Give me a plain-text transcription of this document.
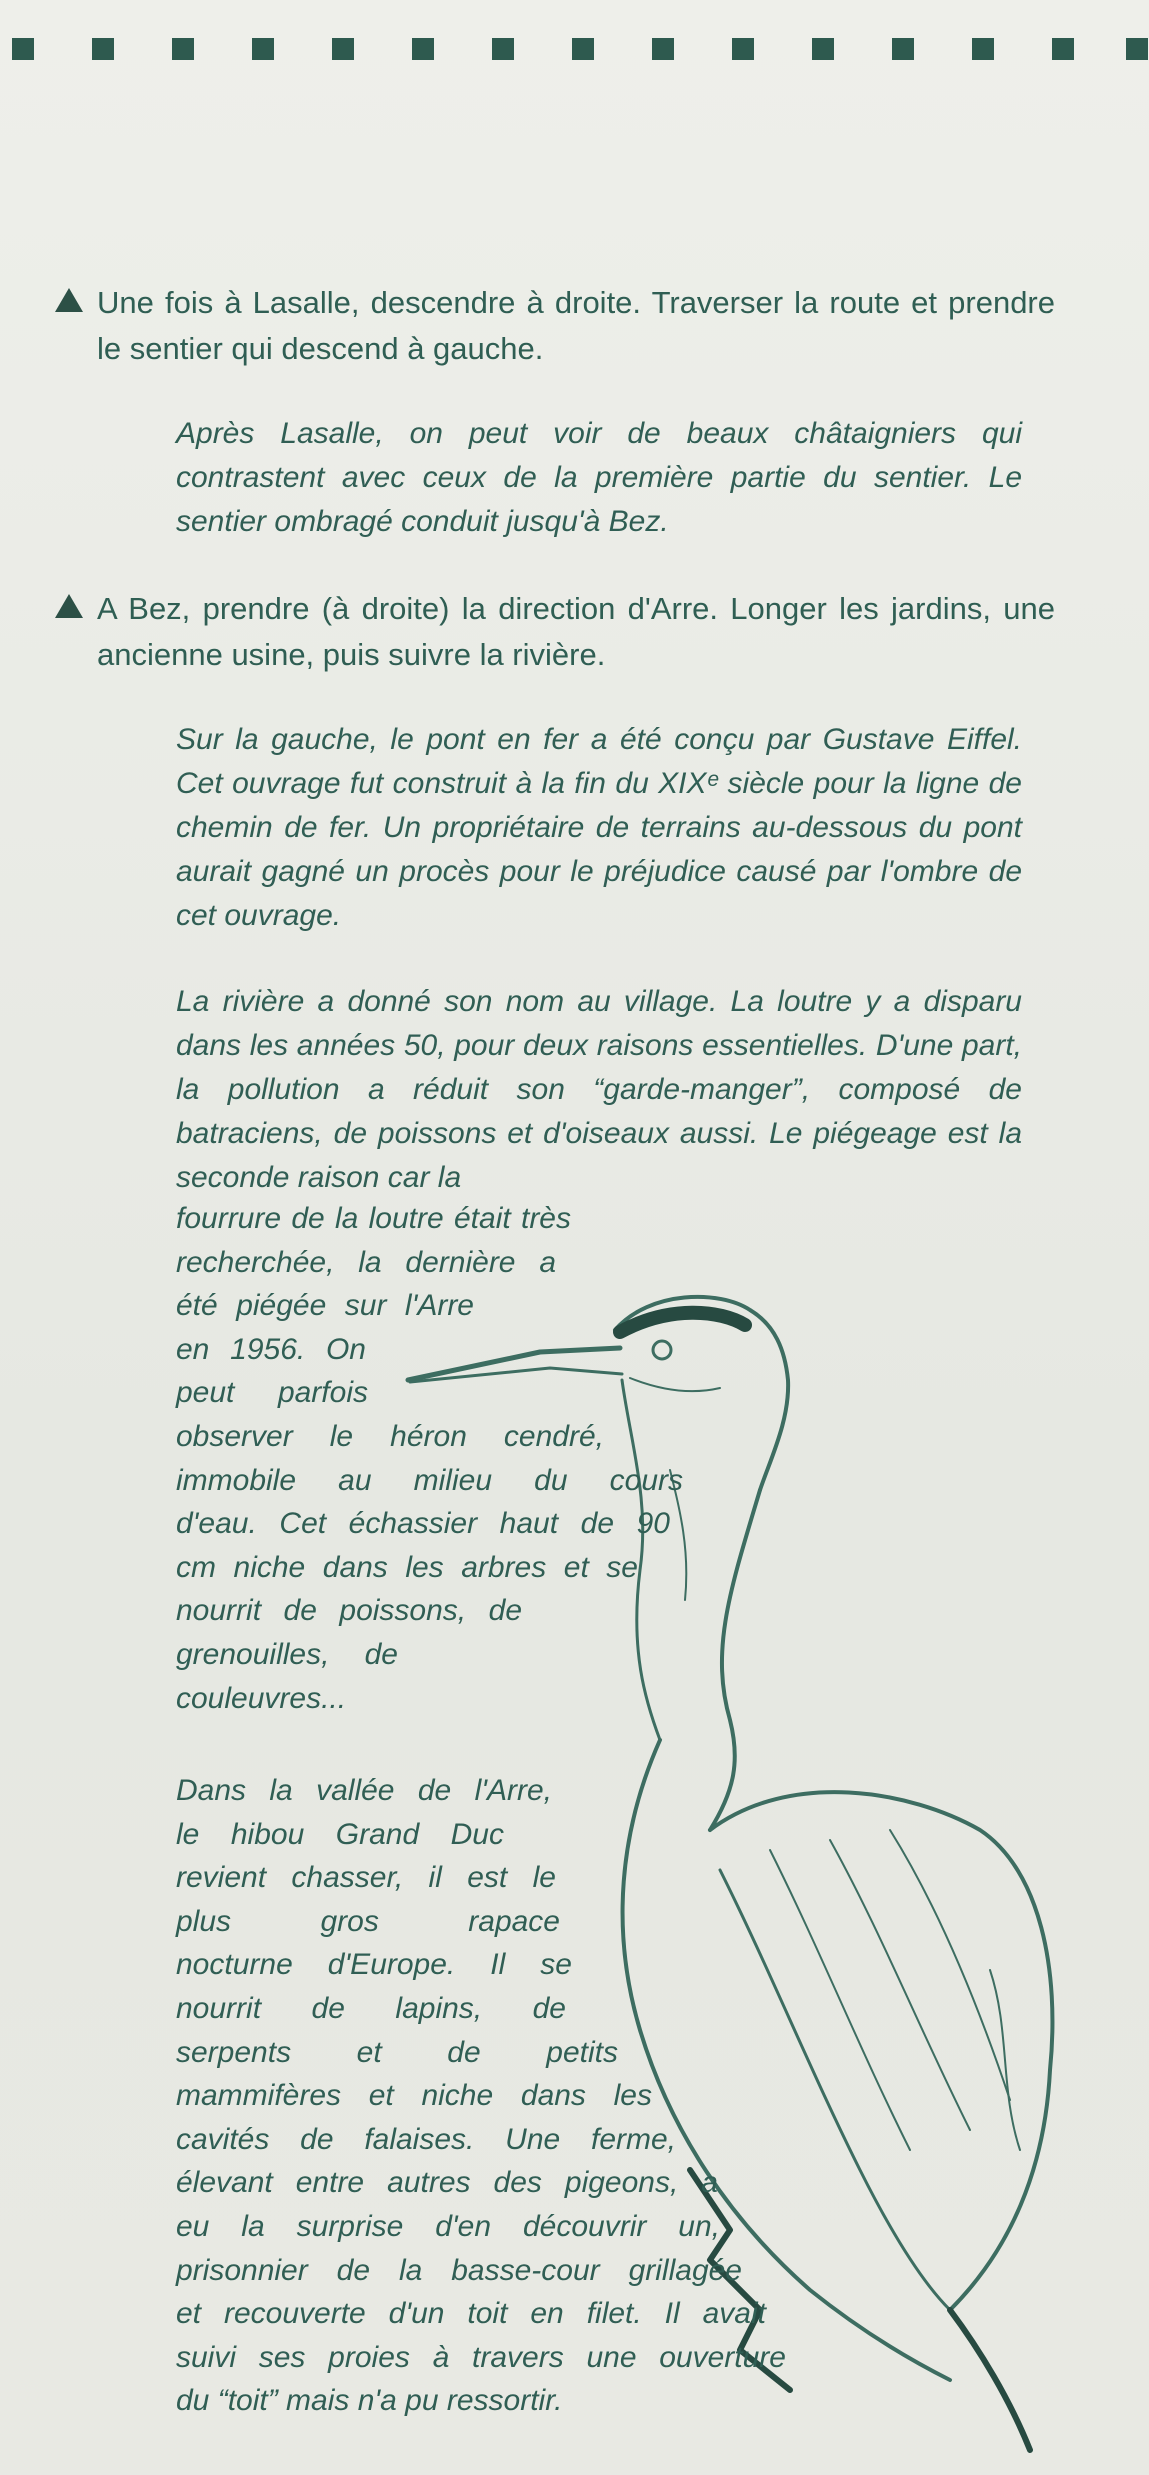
Une fois à Lasalle, descendre à droite. Traverser la route et prendre le sentier qui descend à gauche.
Après Lasalle, on peut voir de beaux châtaigniers qui contrastent avec ceux de la première partie du sentier. Le sentier ombragé conduit jusqu'à Bez.
A Bez, prendre (à droite) la direction d'Arre. Longer les jardins, une ancienne usine, puis suivre la rivière.
Sur la gauche, le pont en fer a été conçu par Gustave Eiffel. Cet ouvrage fut construit à la fin du XIXᵉ siècle pour la ligne de chemin de fer. Un propriétaire de terrains au-dessous du pont aurait gagné un procès pour le préjudice causé par l'ombre de cet ouvrage.
La rivière a donné son nom au village. La loutre y a disparu dans les années 50, pour deux raisons essentielles. D'une part, la pollution a réduit son “garde-manger”, composé de batraciens, de poissons et d'oiseaux aussi. Le piégeage est la seconde raison car la
fourrure de la loutre était très
recherchée, la dernière a
été piégée sur l'Arre
en 1956. On
peut parfois
observer le héron cendré,
immobile au milieu du cours
d'eau. Cet échassier haut de 90
cm niche dans les arbres et se
nourrit de poissons, de
grenouilles, de
couleuvres...
Dans la vallée de l'Arre,
le hibou Grand Duc
revient chasser, il est le
plus gros rapace
nocturne d'Europe. Il se
nourrit de lapins, de
serpents et de petits
mammifères et niche dans les
cavités de falaises. Une ferme,
élevant entre autres des pigeons, a
eu la surprise d'en découvrir un,
prisonnier de la basse-cour grillagée
et recouverte d'un toit en filet. Il avait
suivi ses proies à travers une ouverture
du “toit” mais n'a pu ressortir.
